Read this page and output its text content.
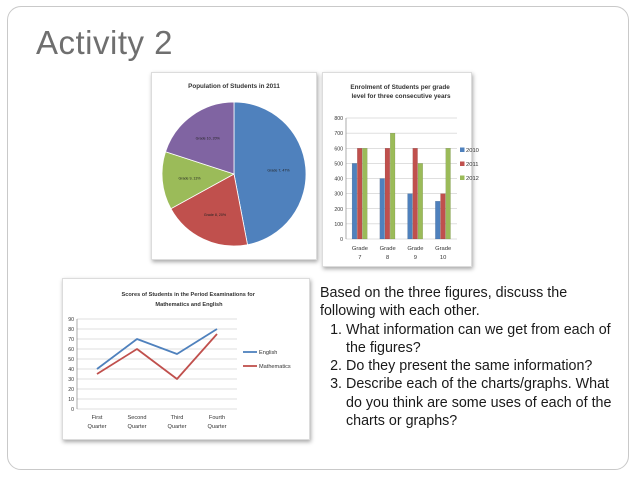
Activity 2
Population of Students in 2011
Grade 7, 47%
Grade 8, 20%
Grade 9, 13%
Grade 10, 20%
Enrolment of Students per grade level for three consecutive years
0
100
200
300
400
500
600
700
800
Grade
7
Grade
8
Grade
9
Grade
10
2010
2011
2012
Scores of Students in the Period Examinations for Mathematics and English
0
10
20
30
40
50
60
70
80
90
First
Quarter
Second
Quarter
Third
Quarter
Fourth
Quarter
English
Mathematics

Based on the three figures, discuss the following with each other.

1. What information can we get from each of the figures?
2. Do they present the same information?
3. Describe each of the charts/graphs. What do you think are some uses of each of the charts or graphs?
